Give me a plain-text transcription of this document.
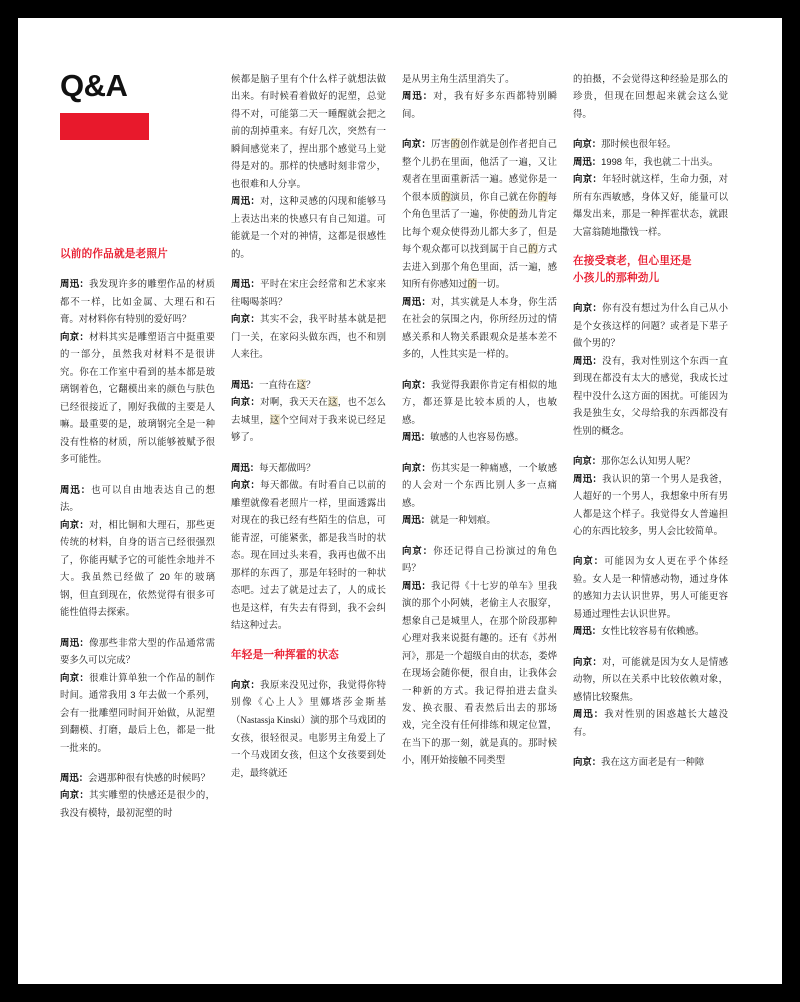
Q&A
以前的作品就是老照片

周迅：我发现许多的雕塑作品的材质都不一样，比如金属、大理石和石膏。对材料你有特别的爱好吗？

向京：材料其实是雕塑语言中挺重要的一部分，虽然我对材料不是很讲究。你在工作室中看到的基本都是玻璃钢着色，它翻模出来的颜色与肤色已经很接近了，刚好我做的主要是人嘛。最重要的是，玻璃钢完全是一种没有性格的材质，所以能够被赋予很多可能性。

周迅：也可以自由地表达自己的想法。

向京：对，相比铜和大理石，那些更传统的材料，自身的语言已经很强烈了，你能再赋予它的可能性余地并不大。我虽然已经做了 20 年的玻璃钢，但直到现在，依然觉得有很多可能性值得去探索。

周迅：像那些非常大型的作品通常需要多久可以完成？

向京：很难计算单独一个作品的制作时间。通常我用 3 年去做一个系列，会有一批雕塑同时间开始做，从泥塑到翻模、打磨，最后上色，都是一批一批来的。

周迅：会遇那种很有快感的时候吗？

向京：其实雕塑的快感还是很少的，我没有模特，最初泥塑的时

候都是脑子里有个什么样子就想法做出来。有时候看着做好的泥塑，总觉得不对，可能第二天一睡醒就会把之前的刮掉重来。有好几次，突然有一瞬间感觉来了，捏出那个感觉马上觉得是对的。那样的快感时刻非常少，也很难和人分享。

周迅：对，这种灵感的闪现和能够马上表达出来的快感只有自己知道。可能就是一个对的神情，这都是很感性的。

周迅：平时在宋庄会经常和艺术家来往喝喝茶吗？

向京：其实不会，我平时基本就是把门一关，在家闷头做东西，也不和别人来往。

周迅：一直待在这？

向京：对啊，我天天在这，也不怎么去城里，这个空间对于我来说已经足够了。

周迅：每天都做吗？

向京：每天都做。有时看自己以前的雕塑就像看老照片一样，里面透露出对现在的我已经有些陌生的信息，可能青涩，可能紧张，都是我当时的状态。现在回过头来看，我再也做不出那样的东西了，那是年轻时的一种状态吧。过去了就是过去了，人的成长也是这样，有失去有得到，我不会纠结这种过去。

年轻是一种挥霍的状态

向京：我原来没见过你，我觉得你特别像《心上人》里娜塔莎金斯基（Nastassja Kinski）演的那个马戏团的女孩，很轻很灵。电影男主角爱上了一个马戏团女孩，但这个女孩要到处走，最终就还

是从男主角生活里消失了。

周迅：对，我有好多东西都特别瞬间。

向京：厉害的创作就是创作者把自己整个儿扔在里面，他活了一遍，又让观者在里面重新活一遍。感觉你是一个很本质的演员，你自己就在你的每个角色里活了一遍，你使的劲儿肯定比每个观众使得劲儿都大多了，但是每个观众都可以找到属于自己的方式去进入到那个角色里面，活一遍，感知所有你感知过的一切。

周迅：对，其实就是人本身，你生活在社会的氛围之内，你所经历过的情感关系和人物关系跟观众是基本差不多的，人性其实是一样的。

向京：我觉得我跟你肯定有相似的地方，都还算是比较本质的人，也敏感。

周迅：敏感的人也容易伤感。

向京：伤其实是一种痛感，一个敏感的人会对一个东西比别人多一点痛感。

周迅：就是一种划痕。

向京：你还记得自己扮演过的角色吗？

周迅：我记得《十七岁的单车》里我演的那个小阿姨，老偷主人衣服穿，想象自己是城里人，在那个阶段那种心理对我来说挺有趣的。还有《苏州河》，那是一个超级自由的状态，娄烨在现场会随你便，很自由，让我体会一种新的方式。我记得拍进去盘头发、换衣服、看表然后出去的那场戏，完全没有任何排练和规定位置，在当下的那一刻，就是真的。那时候小，刚开始接触不同类型

的拍摄，不会觉得这种经验是那么的珍贵，但现在回想起来就会这么觉得。

向京：那时候也很年轻。

周迅：1998 年，我也就二十出头。

向京：年轻时就这样，生命力强，对所有东西敏感，身体又好，能量可以爆发出来，那是一种挥霍状态，就跟大富翁随地撒钱一样。

在接受衰老，但心里还是
小孩儿的那种劲儿

向京：你有没有想过为什么自己从小是个女孩这样的问题？或者是下辈子做个男的？

周迅：没有，我对性别这个东西一直到现在都没有太大的感觉，我成长过程中没什么这方面的困扰。可能因为我是独生女，父母给我的东西都没有性别的概念。

向京：那你怎么认知男人呢？

周迅：我认识的第一个男人是我爸，人超好的一个男人，我想象中所有男人都是这个样子。我觉得女人普遍担心的东西比较多，男人会比较简单。

向京：可能因为女人更在乎个体经验。女人是一种情感动物，通过身体的感知力去认识世界，男人可能更容易通过理性去认识世界。

周迅：女性比较容易有依赖感。

向京：对，可能就是因为女人是情感动物，所以在关系中比较依赖对象，感情比较聚焦。

周迅：我对性别的困惑越长大越没有。

向京：我在这方面老是有一种障
